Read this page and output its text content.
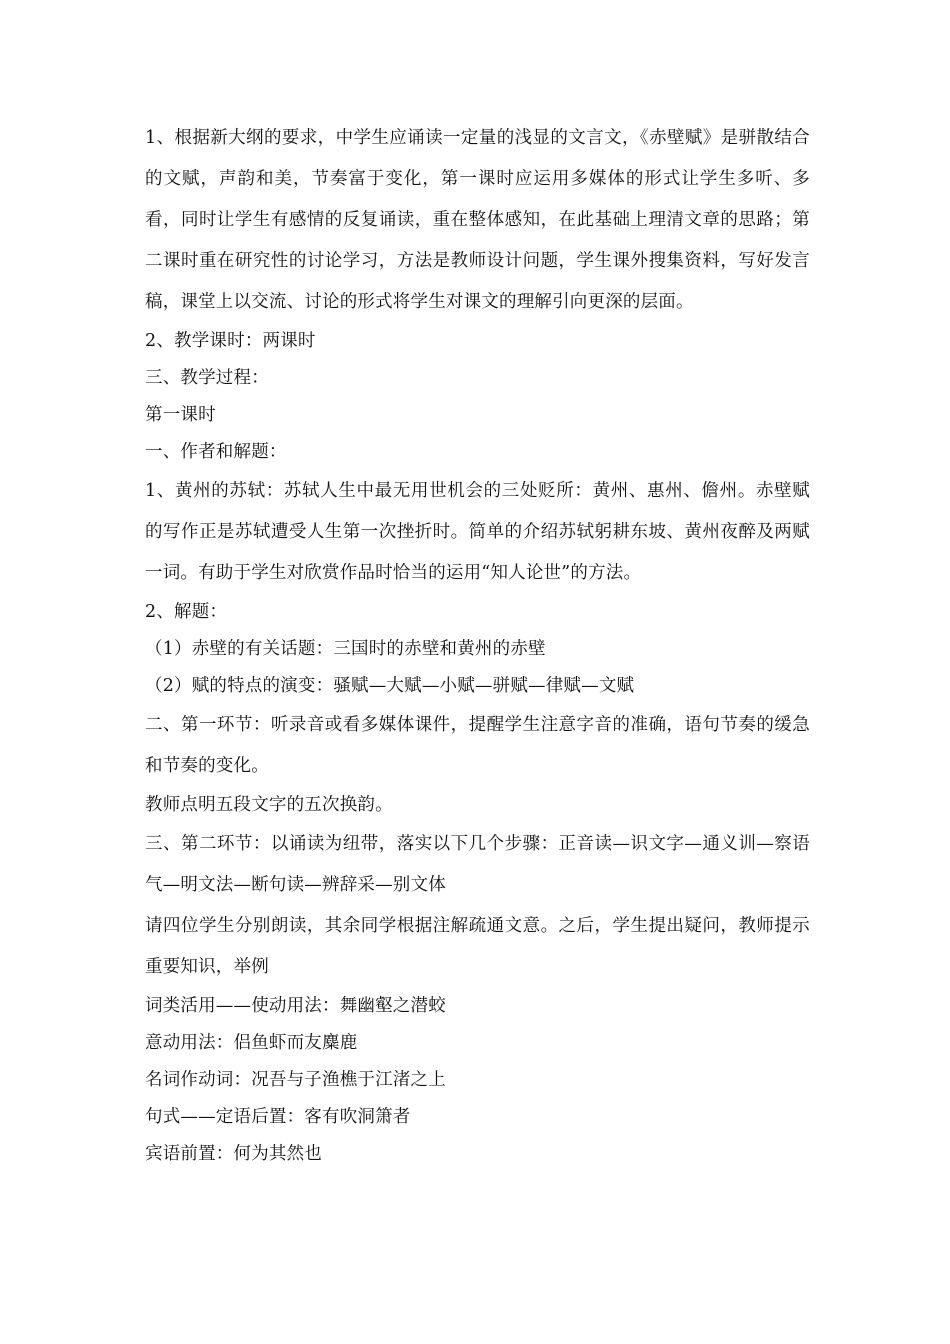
1、根据新大纲的要求，中学生应诵读一定量的浅显的文言文，《赤壁赋》是骈散结合的文赋，声韵和美，节奏富于变化，第一课时应运用多媒体的形式让学生多听、多看，同时让学生有感情的反复诵读，重在整体感知，在此基础上理清文章的思路；第二课时重在研究性的讨论学习，方法是教师设计问题，学生课外搜集资料，写好发言稿，课堂上以交流、讨论的形式将学生对课文的理解引向更深的层面。

2、教学课时：两课时

三、教学过程：

第一课时

一、作者和解题：

1、黄州的苏轼：苏轼人生中最无用世机会的三处贬所：黄州、惠州、儋州。赤壁赋的写作正是苏轼遭受人生第一次挫折时。简单的介绍苏轼躬耕东坡、黄州夜醉及两赋一词。有助于学生对欣赏作品时恰当的运用“知人论世”的方法。

2、解题：

（1）赤壁的有关话题：三国时的赤壁和黄州的赤壁

（2）赋的特点的演变：骚赋—大赋—小赋—骈赋—律赋—文赋

二、第一环节：听录音或看多媒体课件，提醒学生注意字音的准确，语句节奏的缓急和节奏的变化。

教师点明五段文字的五次换韵。

三、第二环节：以诵读为纽带，落实以下几个步骤：正音读—识文字—通义训—察语气—明文法—断句读—辨辞采—别文体

请四位学生分别朗读，其余同学根据注解疏通文意。之后，学生提出疑问，教师提示重要知识，举例

词类活用——使动用法：舞幽壑之潜蛟

意动用法：侣鱼虾而友麋鹿

名词作动词：况吾与子渔樵于江渚之上

句式——定语后置：客有吹洞箫者

宾语前置：何为其然也
